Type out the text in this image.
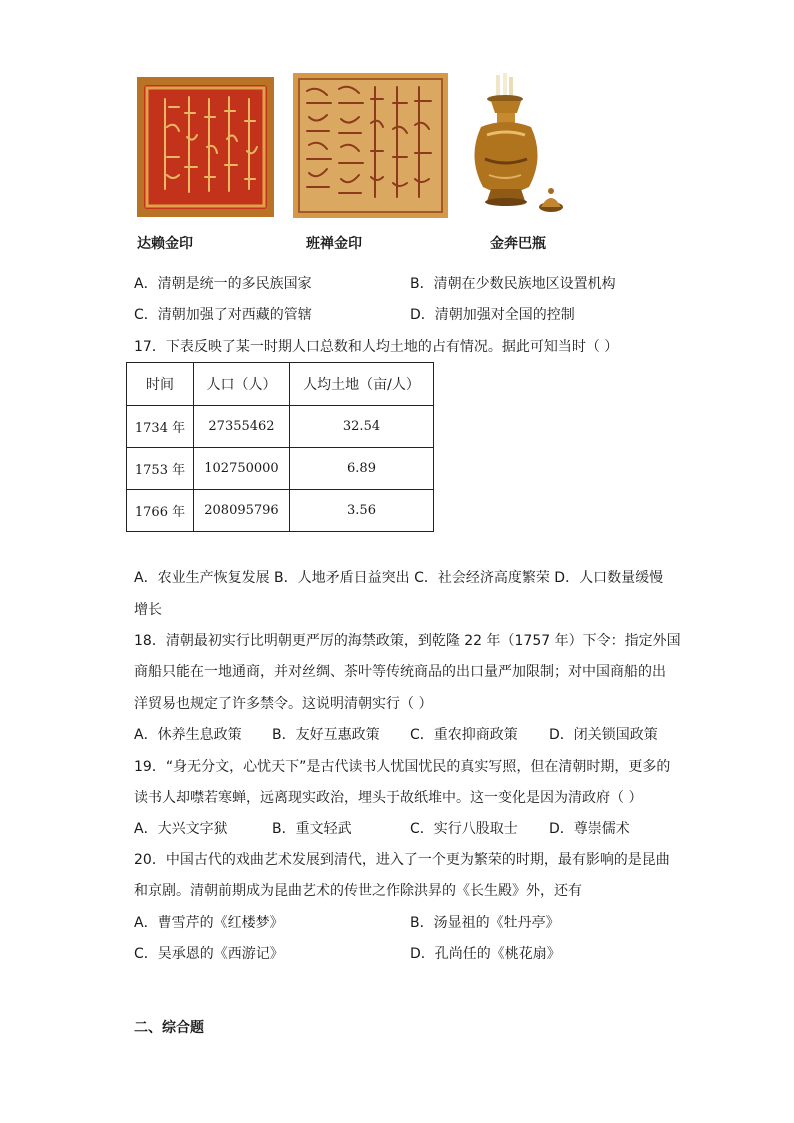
达赖金印	班禅金印	金奔巴瓶
A．清朝是统一的多民族国家	B．清朝在少数民族地区设置机构
C．清朝加强了对西藏的管辖	D．清朝加强对全国的控制
17．下表反映了某一时期人口总数和人均土地的占有情况。据此可知当时（ ）
时间	人口（人）	人均土地（亩/人）
1734 年	27355462	32.54
1753 年	102750000	6.89
1766 年	208095796	3.56
A．农业生产恢复发展 B．人地矛盾日益突出 C．社会经济高度繁荣 D．人口数量缓慢
增长
18．清朝最初实行比明朝更严厉的海禁政策，到乾隆 22 年（1757 年）下令：指定外国
商船只能在一地通商，并对丝绸、茶叶等传统商品的出口量严加限制；对中国商船的出
洋贸易也规定了许多禁令。这说明清朝实行（ ）
A．休养生息政策 B．友好互惠政策 C．重农抑商政策 D．闭关锁国政策
19．“身无分文，心忧天下”是古代读书人忧国忧民的真实写照，但在清朝时期，更多的
读书人却噤若寒蝉，远离现实政治，埋头于故纸堆中。这一变化是因为清政府（ ）
A．大兴文字狱	B．重文轻武	C．实行八股取士 D．尊崇儒术
20．中国古代的戏曲艺术发展到清代，进入了一个更为繁荣的时期，最有影响的是昆曲
和京剧。清朝前期成为昆曲艺术的传世之作除洪昇的《长生殿》外，还有
A．曹雪芹的《红楼梦》	B．汤显祖的《牡丹亭》
C．吴承恩的《西游记》	D．孔尚任的《桃花扇》
二、综合题
